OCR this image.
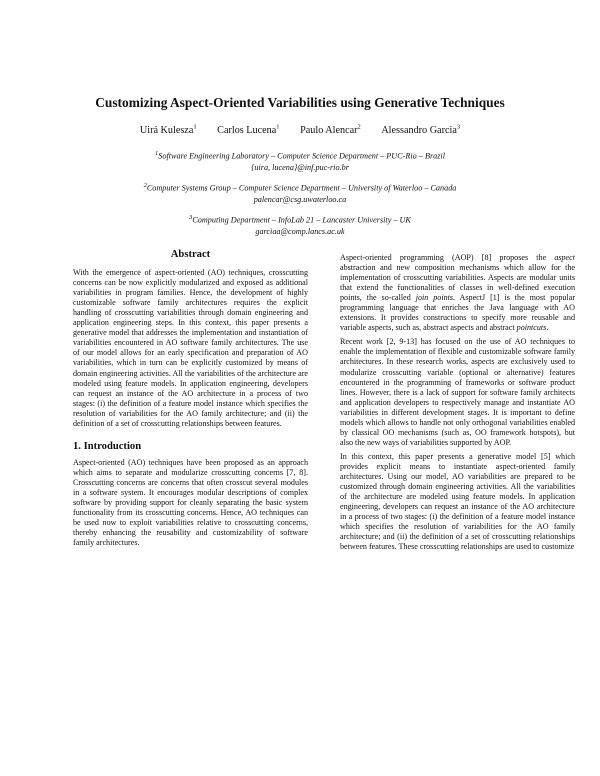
Customizing Aspect-Oriented Variabilities using Generative Techniques
Uirá Kulesza$^1$ Carlos Lucena$^1$ Paulo Alencar$^2$ Alessandro Garcia$^3$
$^1$Software Engineering Laboratory – Computer Science Department – PUC-Rio – Brazil
{uira, lucena}@inf.puc-rio.br
$^2$Computer Systems Group – Computer Science Department – University of Waterloo – Canada
palencar@csg.uwaterloo.ca
$^3$Computing Department – InfoLab 21 – Lancaster University – UK
garciaa@comp.lancs.ac.uk
Abstract

With the emergence of aspect-oriented (AO) techniques, crosscutting concerns can be now explicitly modularized and exposed as additional variabilities in program families. Hence, the development of highly customizable software family architectures requires the explicit handling of crosscutting variabilities through domain engineering and application engineering steps. In this context, this paper presents a generative model that addresses the implementation and instantiation of variabilities encountered in AO software family architectures. The use of our model allows for an early specification and preparation of AO variabilities, which in turn can be explicitly customized by means of domain engineering activities. All the variabilities of the architecture are modeled using feature models. In application engineering, developers can request an instance of the AO architecture in a process of two stages: (i) the definition of a feature model instance which specifies the resolution of variabilities for the AO family architecture; and (ii) the definition of a set of crosscutting relationships between features.

1. Introduction

Aspect-oriented (AO) techniques have been proposed as an approach which aims to separate and modularize crosscutting concerns [7, 8]. Crosscutting concerns are concerns that often crosscut several modules in a software system. It encourages modular descriptions of complex software by providing support for cleanly separating the basic system functionality from its crosscutting concerns. Hence, AO techniques can be used now to exploit variabilities relative to crosscutting concerns, thereby enhancing the reusability and customizability of software family architectures.

Aspect-oriented programming (AOP) [8] proposes the aspect abstraction and new composition mechanisms which allow for the implementation of crosscutting variabilities. Aspects are modular units that extend the functionalities of classes in well-defined execution points, the so-called join points. AspectJ [1] is the most popular programming language that enriches the Java language with AO extensions. It provides constructions to specify more reusable and variable aspects, such as, abstract aspects and abstract pointcuts.

Recent work [2, 9-13] has focused on the use of AO techniques to enable the implementation of flexible and customizable software family architectures. In these research works, aspects are exclusively used to modularize crosscutting variable (optional or alternative) features encountered in the programming of frameworks or software product lines. However, there is a lack of support for software family architects and application developers to respectively manage and instantiate AO variabilities in different development stages. It is important to define models which allows to handle not only orthogonal variabilities enabled by classical OO mechanisms (such as, OO framework hotspots), but also the new ways of variabilities supported by AOP.

In this context, this paper presents a generative model [5] which provides explicit means to instantiate aspect-oriented family architectures. Using our model, AO variabilities are prepared to be customized through domain engineering activities. All the variabilities of the architecture are modeled using feature models. In application engineering, developers can request an instance of the AO architecture in a process of two stages: (i) the definition of a feature model instance which specifies the resolution of variabilities for the AO family architecture; and (ii) the definition of a set of crosscutting relationships between features. These crosscutting relationships are used to customize
